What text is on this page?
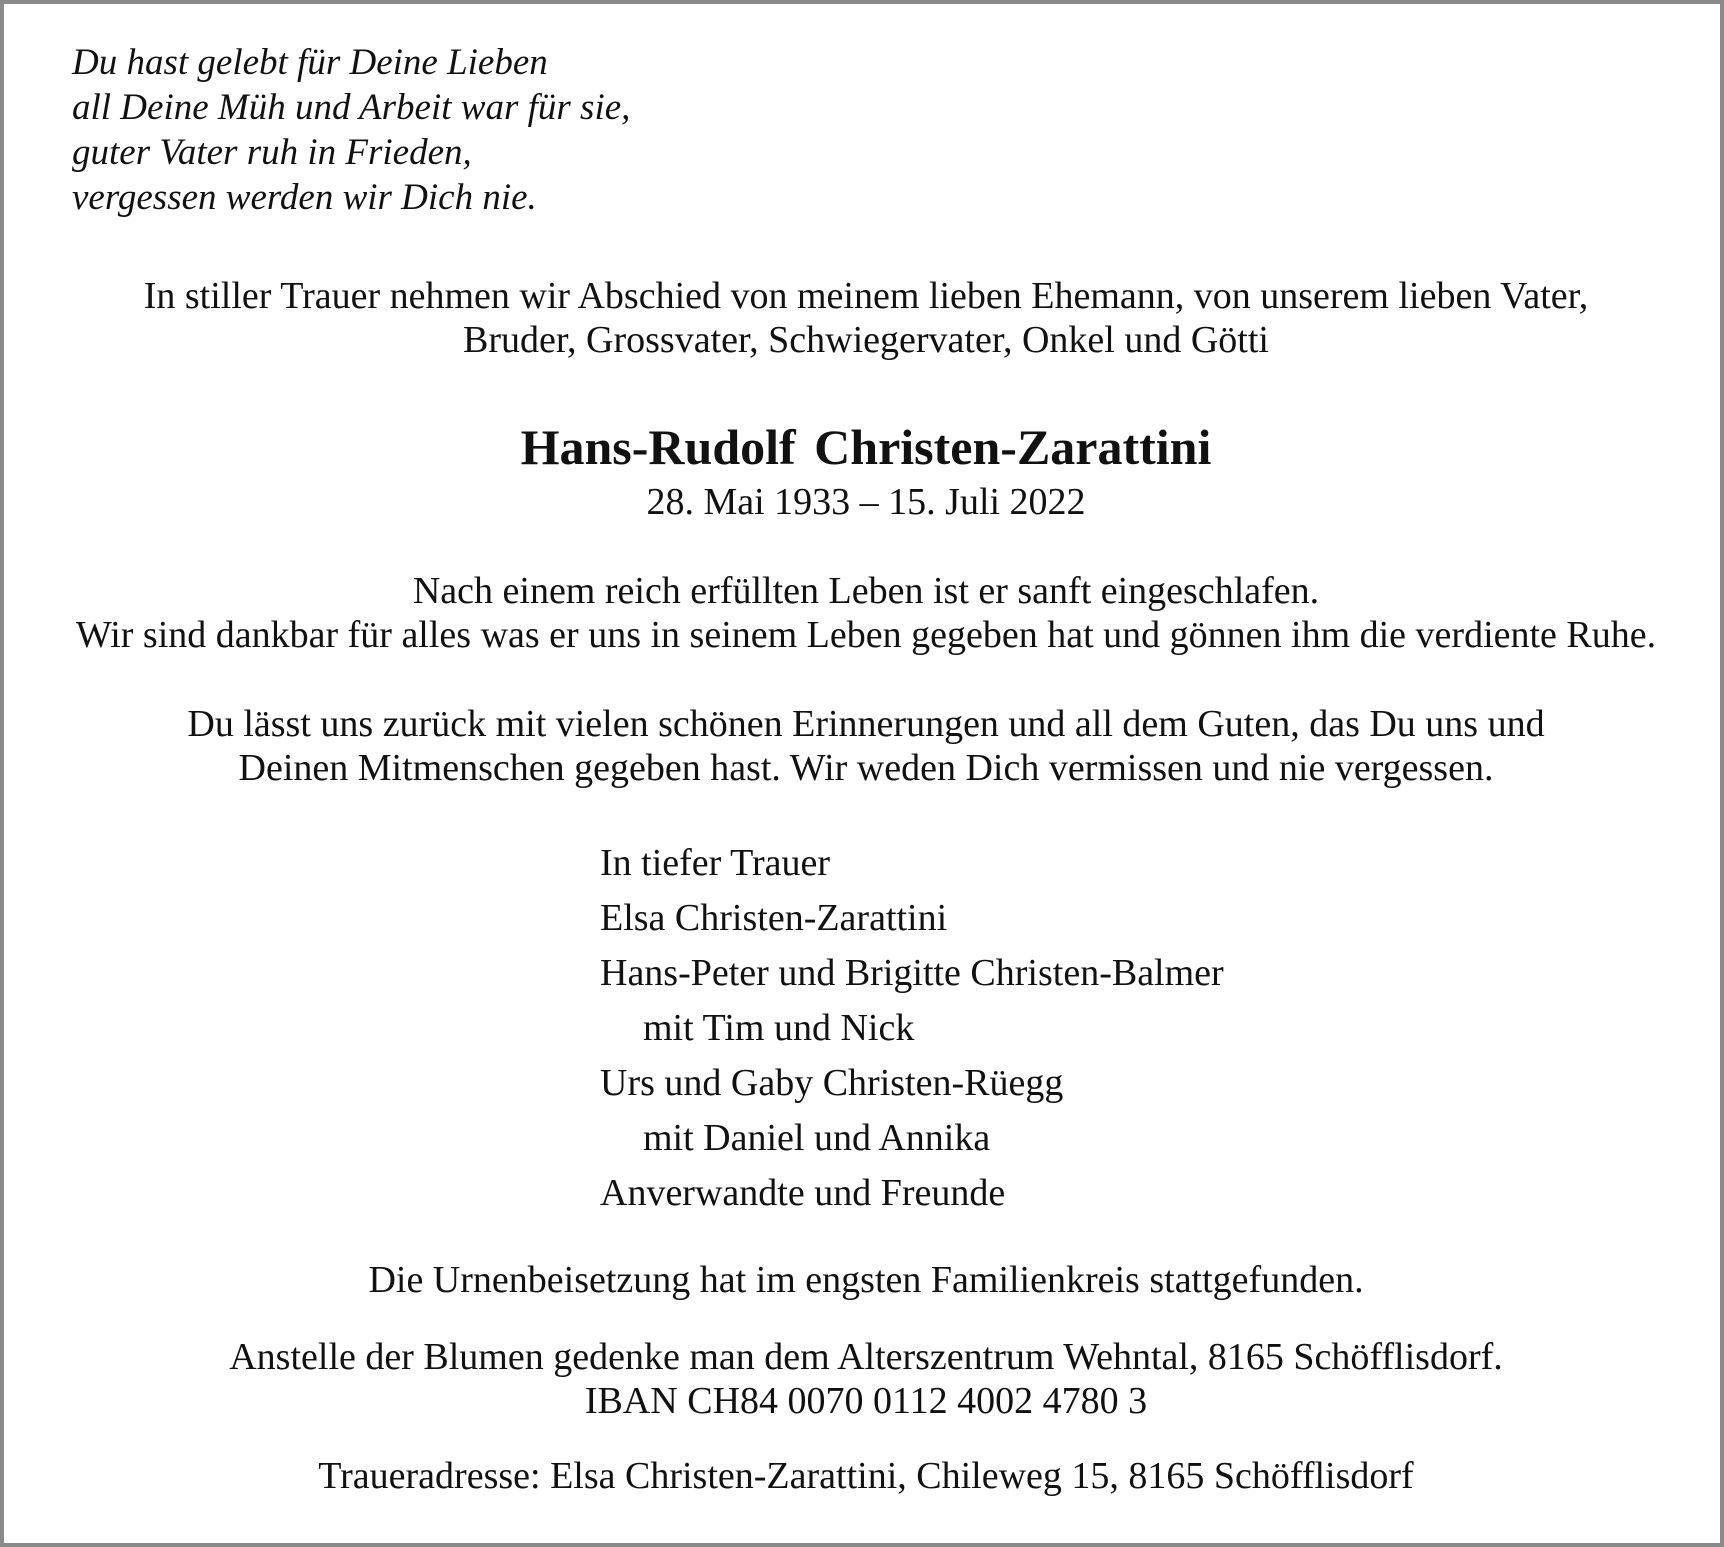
Du hast gelebt für Deine Lieben
all Deine Müh und Arbeit war für sie,
guter Vater ruh in Frieden,
vergessen werden wir Dich nie.
In stiller Trauer nehmen wir Abschied von meinem lieben Ehemann, von unserem lieben Vater,
Bruder, Grossvater, Schwiegervater, Onkel und Götti
Hans-Rudolf Christen-Zarattini
28. Mai 1933 – 15. Juli 2022
Nach einem reich erfüllten Leben ist er sanft eingeschlafen.
Wir sind dankbar für alles was er uns in seinem Leben gegeben hat und gönnen ihm die verdiente Ruhe.
Du lässt uns zurück mit vielen schönen Erinnerungen und all dem Guten, das Du uns und
Deinen Mitmenschen gegeben hast. Wir weden Dich vermissen und nie vergessen.
In tiefer Trauer
Elsa Christen-Zarattini
Hans-Peter und Brigitte Christen-Balmer
mit Tim und Nick
Urs und Gaby Christen-Rüegg
mit Daniel und Annika
Anverwandte und Freunde
Die Urnenbeisetzung hat im engsten Familienkreis stattgefunden.
Anstelle der Blumen gedenke man dem Alterszentrum Wehntal, 8165 Schöfflisdorf.
IBAN CH84 0070 0112 4002 4780 3
Traueradresse: Elsa Christen-Zarattini, Chileweg 15, 8165 Schöfflisdorf
